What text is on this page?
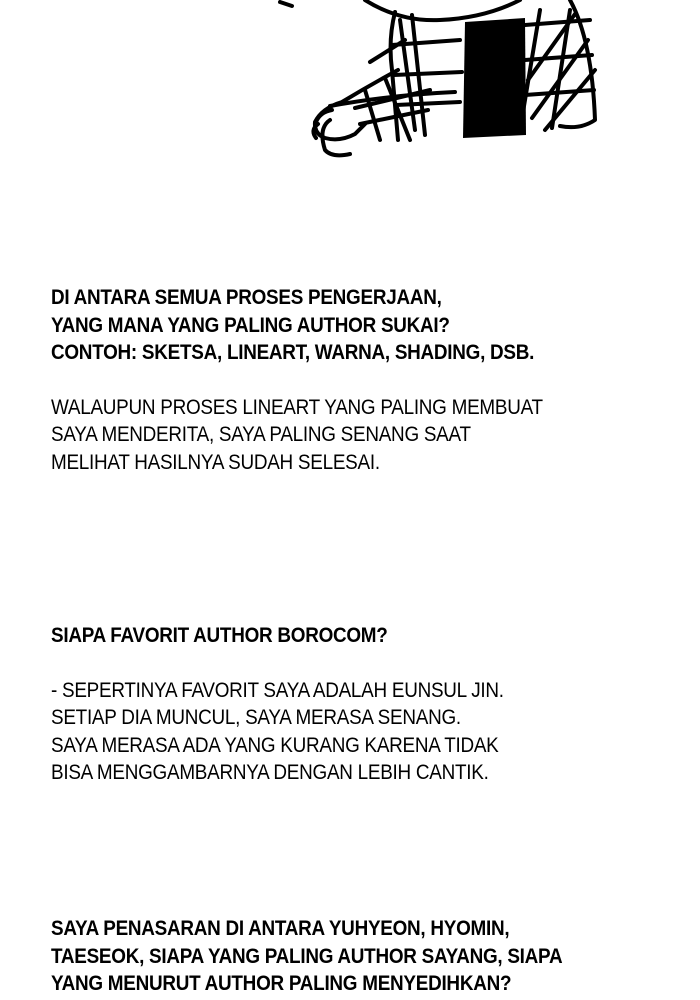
DI ANTARA SEMUA PROSES PENGERJAAN,
YANG MANA YANG PALING AUTHOR SUKAI?
CONTOH: SKETSA, LINEART, WARNA, SHADING, DSB.
WALAUPUN PROSES LINEART YANG PALING MEMBUAT
SAYA MENDERITA, SAYA PALING SENANG SAAT
MELIHAT HASILNYA SUDAH SELESAI.
SIAPA FAVORIT AUTHOR BOROCOM?
- SEPERTINYA FAVORIT SAYA ADALAH EUNSUL JIN.
SETIAP DIA MUNCUL, SAYA MERASA SENANG.
SAYA MERASA ADA YANG KURANG KARENA TIDAK
BISA MENGGAMBARNYA DENGAN LEBIH CANTIK.
SAYA PENASARAN DI ANTARA YUHYEON, HYOMIN,
TAESEOK, SIAPA YANG PALING AUTHOR SAYANG, SIAPA
YANG MENURUT AUTHOR PALING MENYEDIHKAN?
